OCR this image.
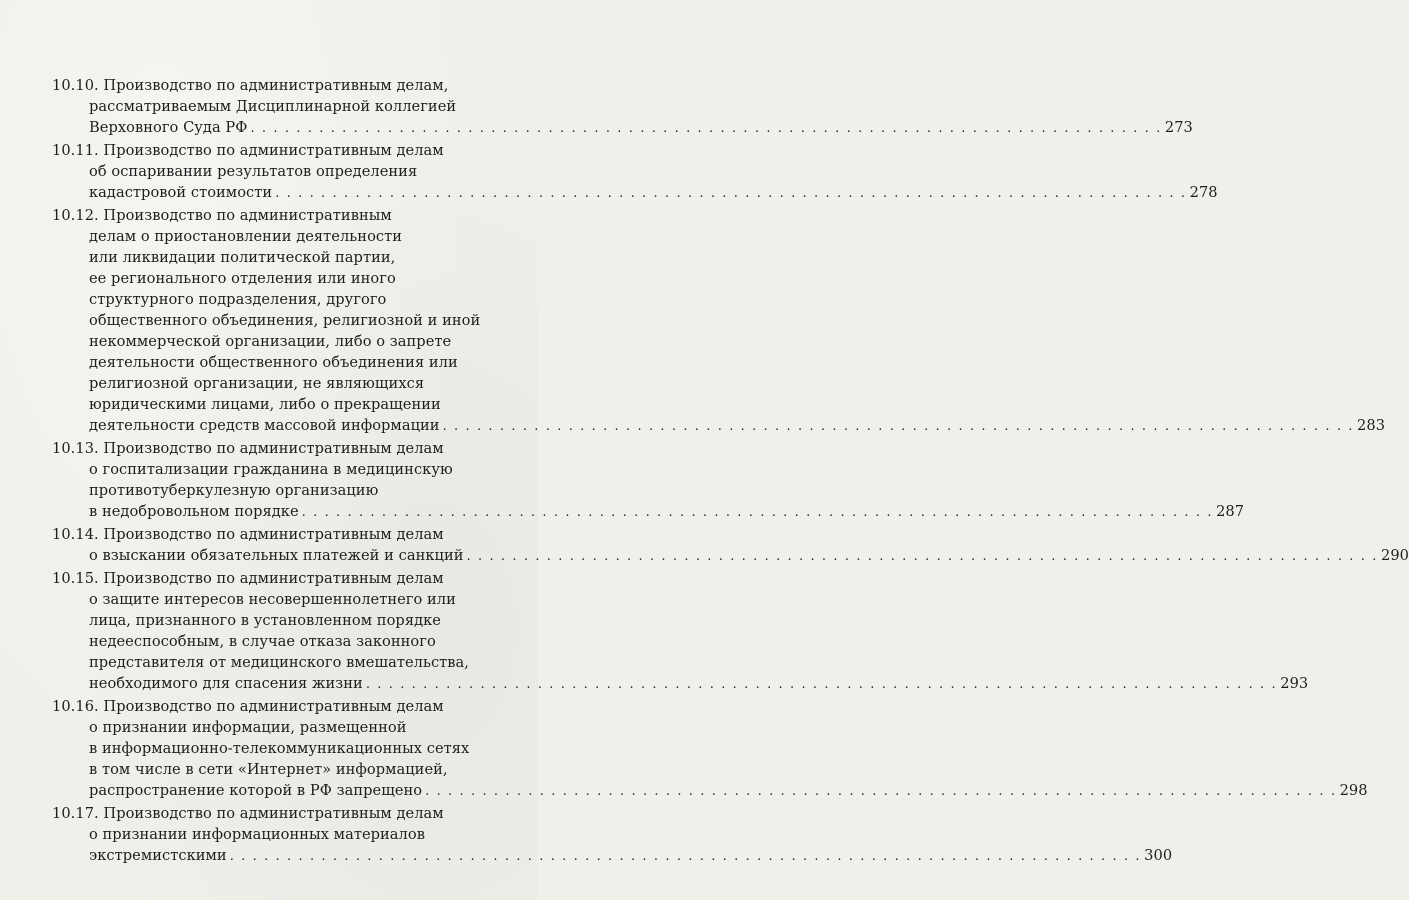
10.10. Производство по административным делам,
рассматриваемым Дисциплинарной коллегией
Верховного Суда РФ . . . . . . . . . . . . . . . . . . . . . . . . . . . . . . . . . . . . . . . . . . . . . . . . . . . . . . . . . . . . . . . . . . . . . . . . . . . . . . . . 273
10.11. Производство по административным делам
об оспаривании результатов определения
кадастровой стоимости . . . . . . . . . . . . . . . . . . . . . . . . . . . . . . . . . . . . . . . . . . . . . . . . . . . . . . . . . . . . . . . . . . . . . . . . . . . . . . . . 278
10.12. Производство по административным
делам о приостановлении деятельности
или ликвидации политической партии,
ее регионального отделения или иного
структурного подразделения, другого
общественного объединения, религиозной и иной
некоммерческой организации, либо о запрете
деятельности общественного объединения или
религиозной организации, не являющихся
юридическими лицами, либо о прекращении
деятельности средств массовой информации . . . . . . . . . . . . . . . . . . . . . . . . . . . . . . . . . . . . . . . . . . . . . . . . . . . . . . . . . . . . . . . . . . . . . . . . . . . . . . . . 283
10.13. Производство по административным делам
о госпитализации гражданина в медицинскую
противотуберкулезную организацию
в недобровольном порядке . . . . . . . . . . . . . . . . . . . . . . . . . . . . . . . . . . . . . . . . . . . . . . . . . . . . . . . . . . . . . . . . . . . . . . . . . . . . . . . . 287
10.14. Производство по административным делам
о взыскании обязательных платежей и санкций . . . . . . . . . . . . . . . . . . . . . . . . . . . . . . . . . . . . . . . . . . . . . . . . . . . . . . . . . . . . . . . . . . . . . . . . . . . . . . . . 290
10.15. Производство по административным делам
о защите интересов несовершеннолетнего или
лица, признанного в установленном порядке
недееспособным, в случае отказа законного
представителя от медицинского вмешательства,
необходимого для спасения жизни . . . . . . . . . . . . . . . . . . . . . . . . . . . . . . . . . . . . . . . . . . . . . . . . . . . . . . . . . . . . . . . . . . . . . . . . . . . . . . . . 293
10.16. Производство по административным делам
о признании информации, размещенной
в информационно-телекоммуникационных сетях
в том числе в сети «Интернет» информацией,
распространение которой в РФ запрещено . . . . . . . . . . . . . . . . . . . . . . . . . . . . . . . . . . . . . . . . . . . . . . . . . . . . . . . . . . . . . . . . . . . . . . . . . . . . . . . . 298
10.17. Производство по административным делам
о признании информационных материалов
экстремистскими . . . . . . . . . . . . . . . . . . . . . . . . . . . . . . . . . . . . . . . . . . . . . . . . . . . . . . . . . . . . . . . . . . . . . . . . . . . . . . . . 300
